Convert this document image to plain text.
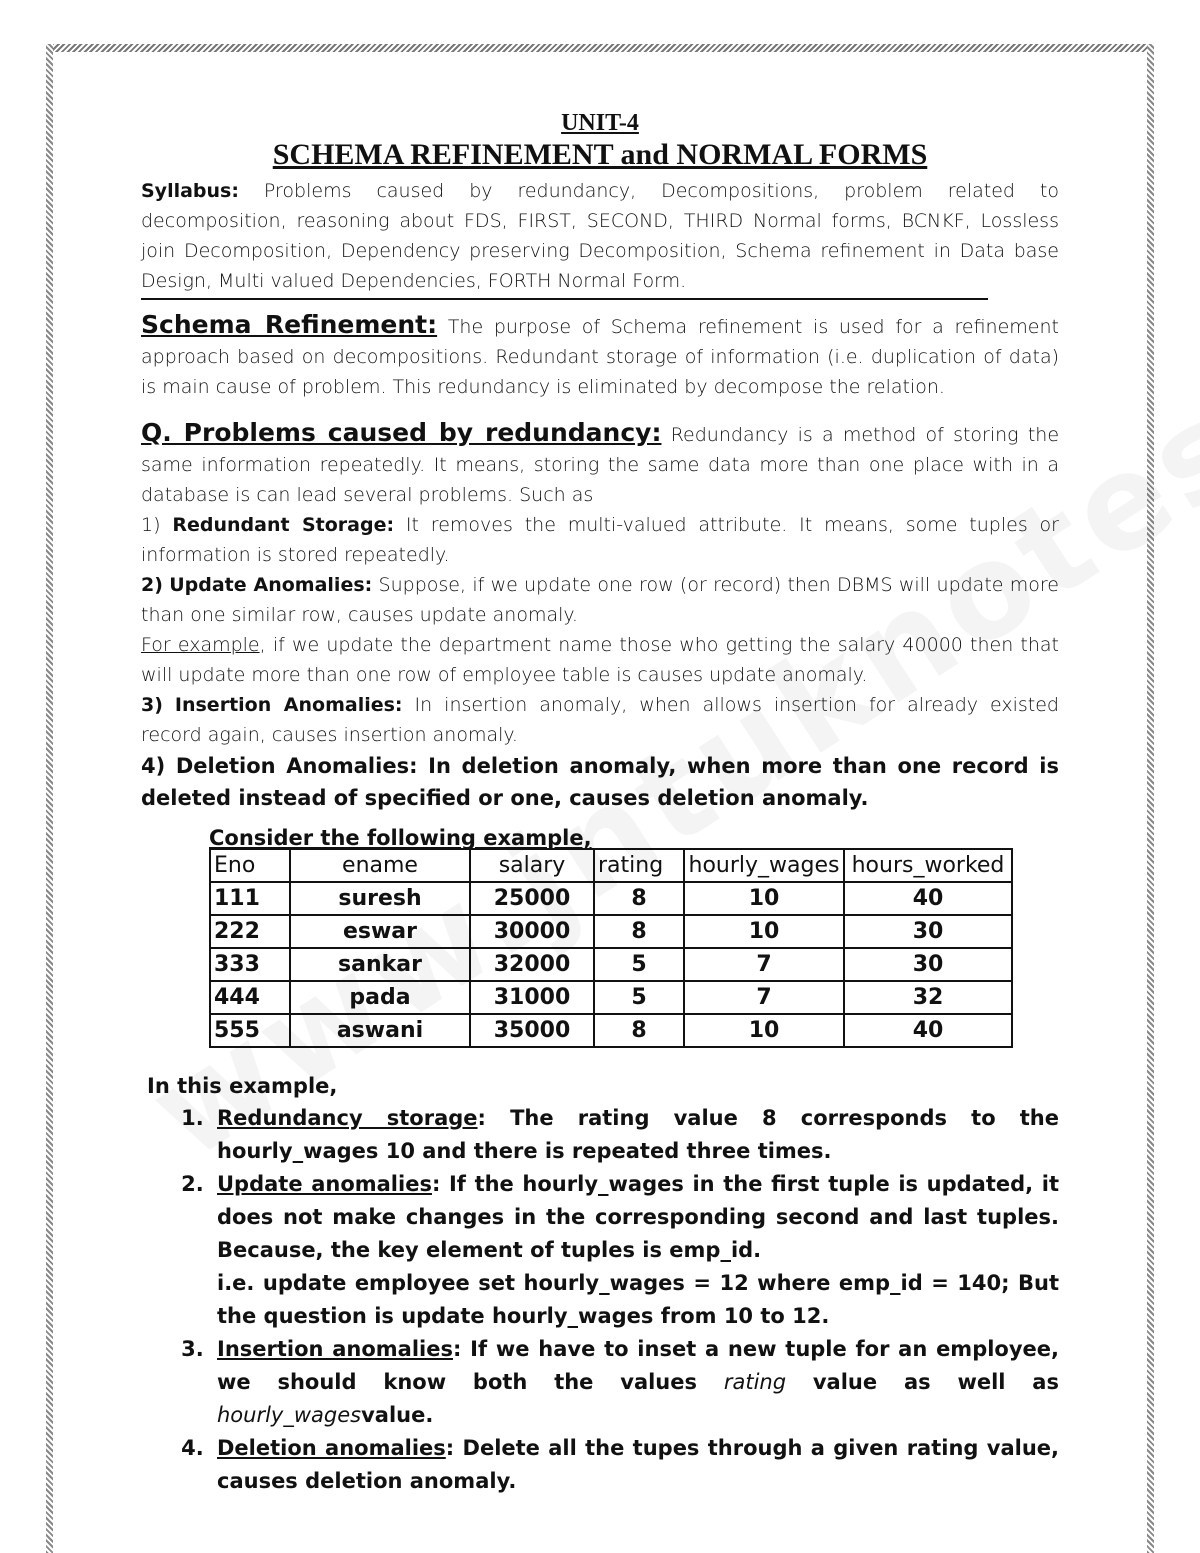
UNIT-4
SCHEMA REFINEMENT and NORMAL FORMS

Syllabus: Problems caused by redundancy, Decompositions, problem related to decomposition, reasoning about FDS, FIRST, SECOND, THIRD Normal forms, BCNKF, Lossless join Decomposition, Dependency preserving Decomposition, Schema refinement in Data base Design, Multi valued Dependencies, FORTH Normal Form.

Schema Refinement: The purpose of Schema refinement is used for a refinement approach based on decompositions. Redundant storage of information (i.e. duplication of data) is main cause of problem. This redundancy is eliminated by decompose the relation.

Q. Problems caused by redundancy: Redundancy is a method of storing the same information repeatedly. It means, storing the same data more than one place with in a database is can lead several problems. Such as

1) Redundant Storage: It removes the multi-valued attribute. It means, some tuples or information is stored repeatedly.

2) Update Anomalies: Suppose, if we update one row (or record) then DBMS will update more than one similar row, causes update anomaly.

For example, if we update the department name those who getting the salary 40000 then that will update more than one row of employee table is causes update anomaly.

3) Insertion Anomalies: In insertion anomaly, when allows insertion for already existed record again, causes insertion anomaly.

4) Deletion Anomalies: In deletion anomaly, when more than one record is deleted instead of specified or one, causes deletion anomaly.

Consider the following example,
Eno	ename	salary	rating	hourly_wages	hours_worked
111	suresh	25000	8	10	40
222	eswar	30000	8	10	30
333	sankar	32000	5	7	30
444	pada	31000	5	7	32
555	aswani	35000	8	10	40
In this example,
1. Redundancy storage: The rating value 8 corresponds to the hourly_wages 10 and there is repeated three times.
2. Update anomalies: If the hourly_wages in the first tuple is updated, it does not make changes in the corresponding second and last tuples. Because, the key element of tuples is emp_id.
i.e. update employee set hourly_wages = 12 where emp_id = 140; But the question is update hourly_wages from 10 to 12.
3. Insertion anomalies: If we have to inset a new tuple for an employee, we should know both the values rating value as well as hourly_wagesvalue.
4. Deletion anomalies: Delete all the tupes through a given rating value, causes deletion anomaly.
